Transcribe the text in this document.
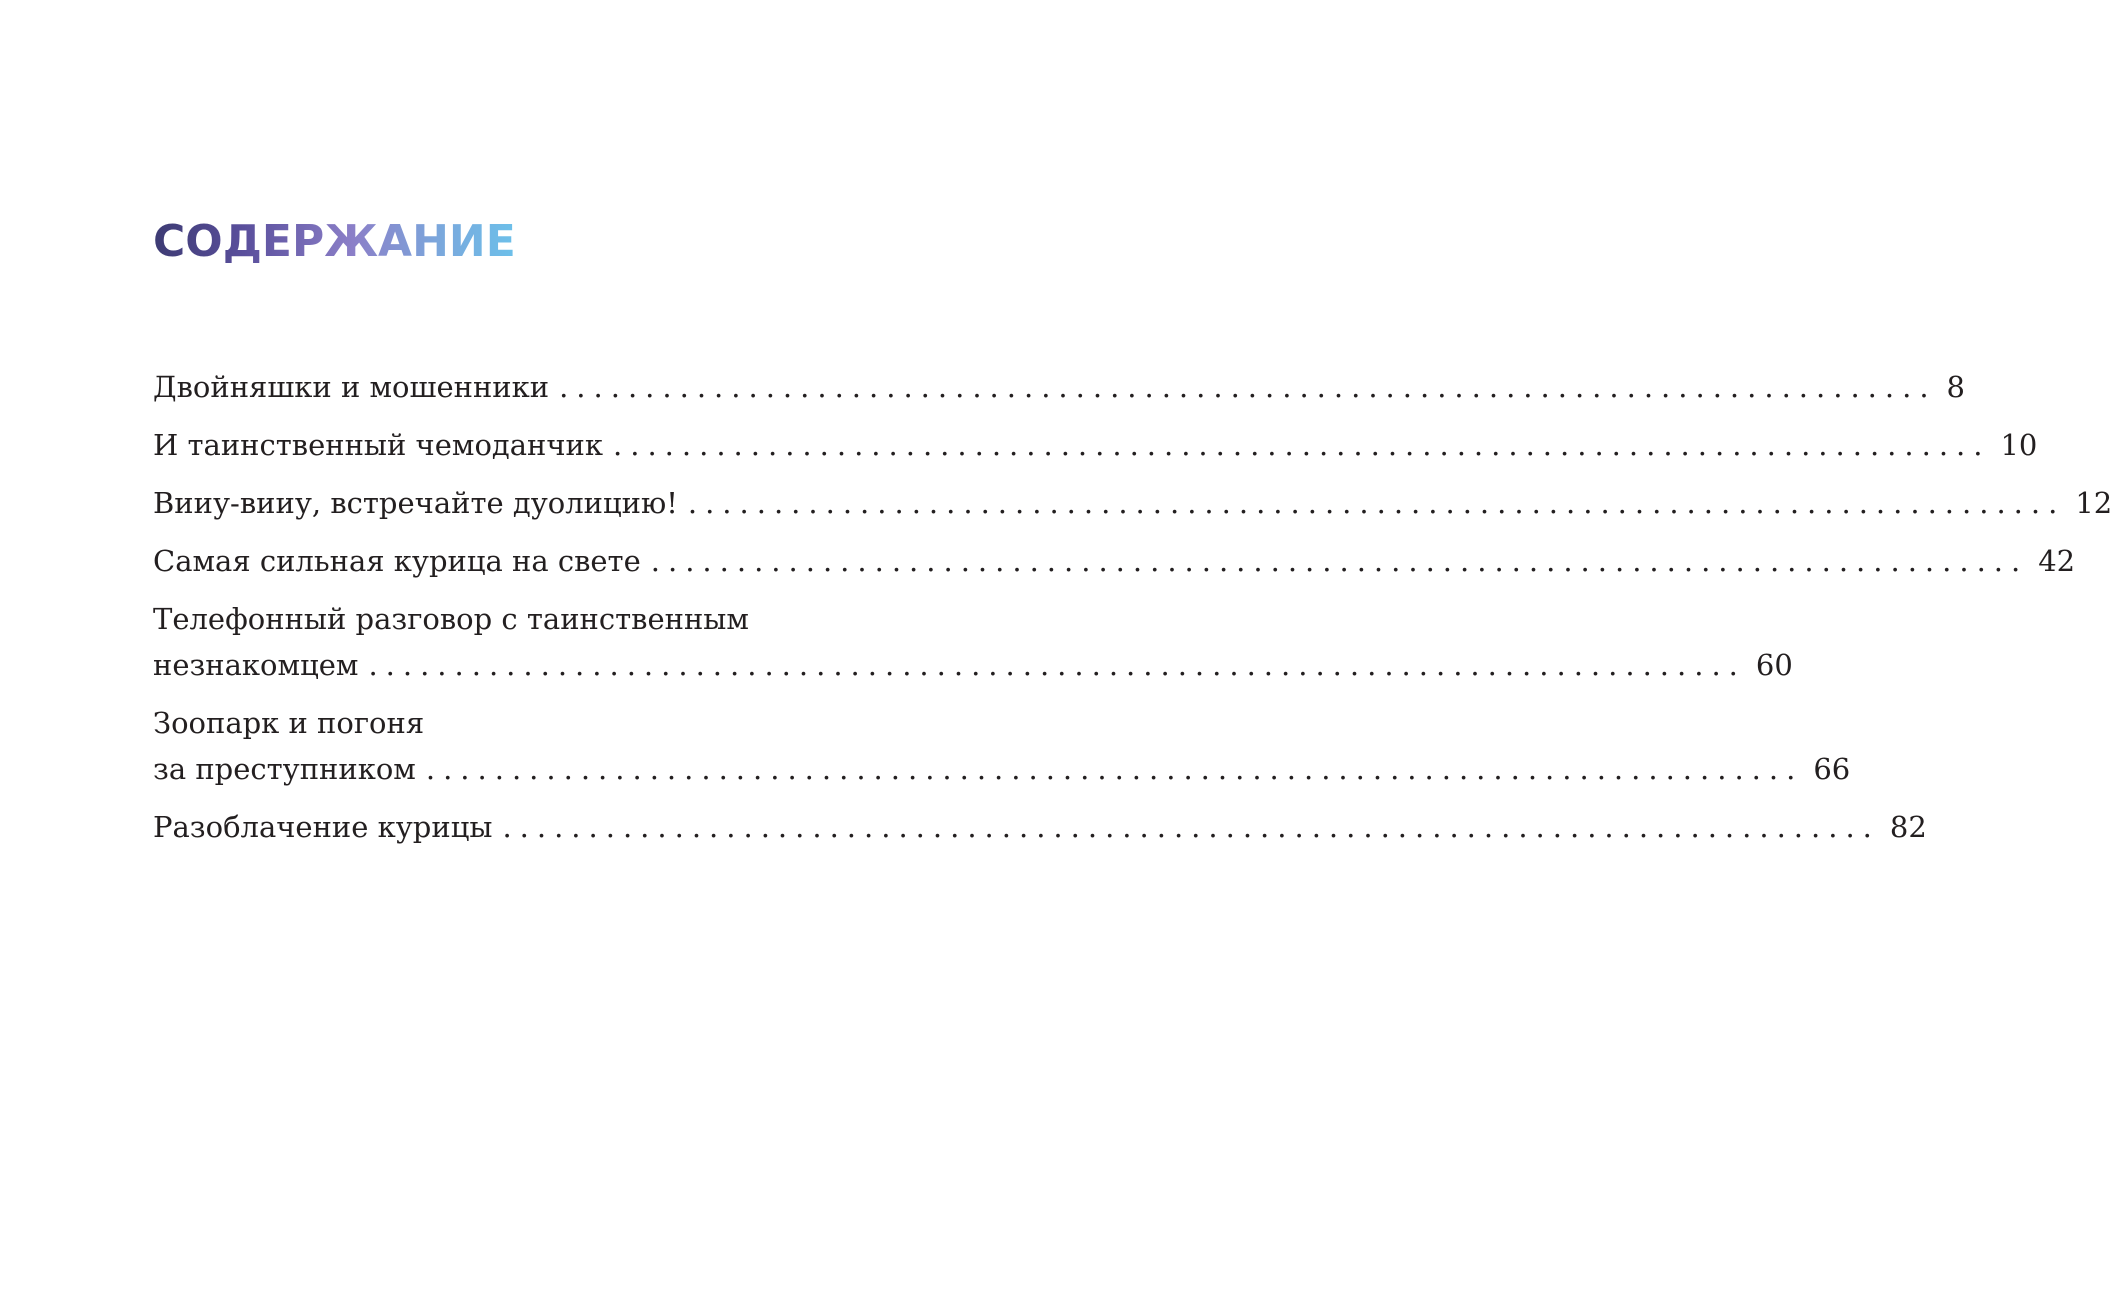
СОДЕРЖАНИЕ
Двойняшки и мошенники ................................................................................ 8
И таинственный чемоданчик ................................................................................ 10
Вииу-вииу, встречайте дуолицию! ................................................................................ 12
Самая сильная курица на свете ................................................................................ 42
Телефонный разговор с таинственным
незнакомцем ................................................................................ 60
Зоопарк и погоня
за преступником ................................................................................ 66
Разоблачение курицы ................................................................................ 82
